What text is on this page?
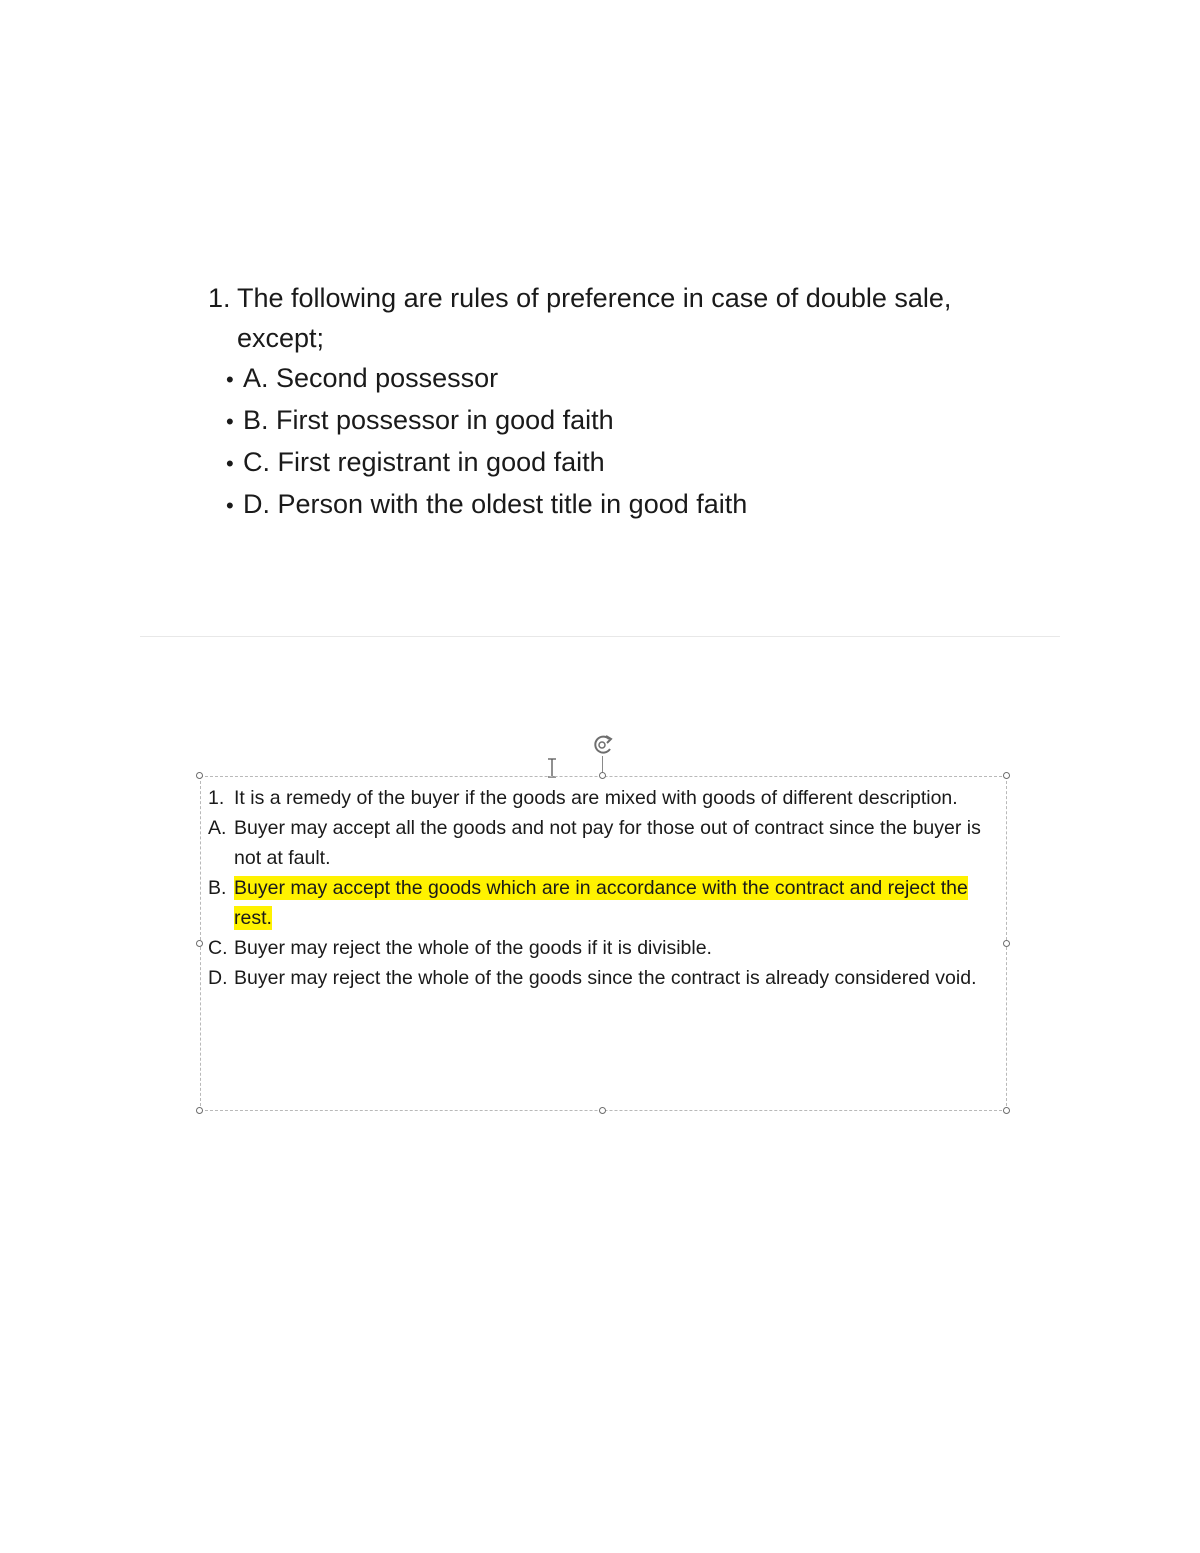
1. The following are rules of preference in case of double sale, except;
• A. Second possessor
• B. First possessor in good faith
• C. First registrant in good faith
• D. Person with the oldest title in good faith
1. It is a remedy of the buyer if the goods are mixed with goods of different description.
A. Buyer may accept all the goods and not pay for those out of contract since the buyer is not at fault.
B. Buyer may accept the goods which are in accordance with the contract and reject the rest.
C. Buyer may reject the whole of the goods if it is divisible.
D. Buyer may reject the whole of the goods since the contract is already considered void.
